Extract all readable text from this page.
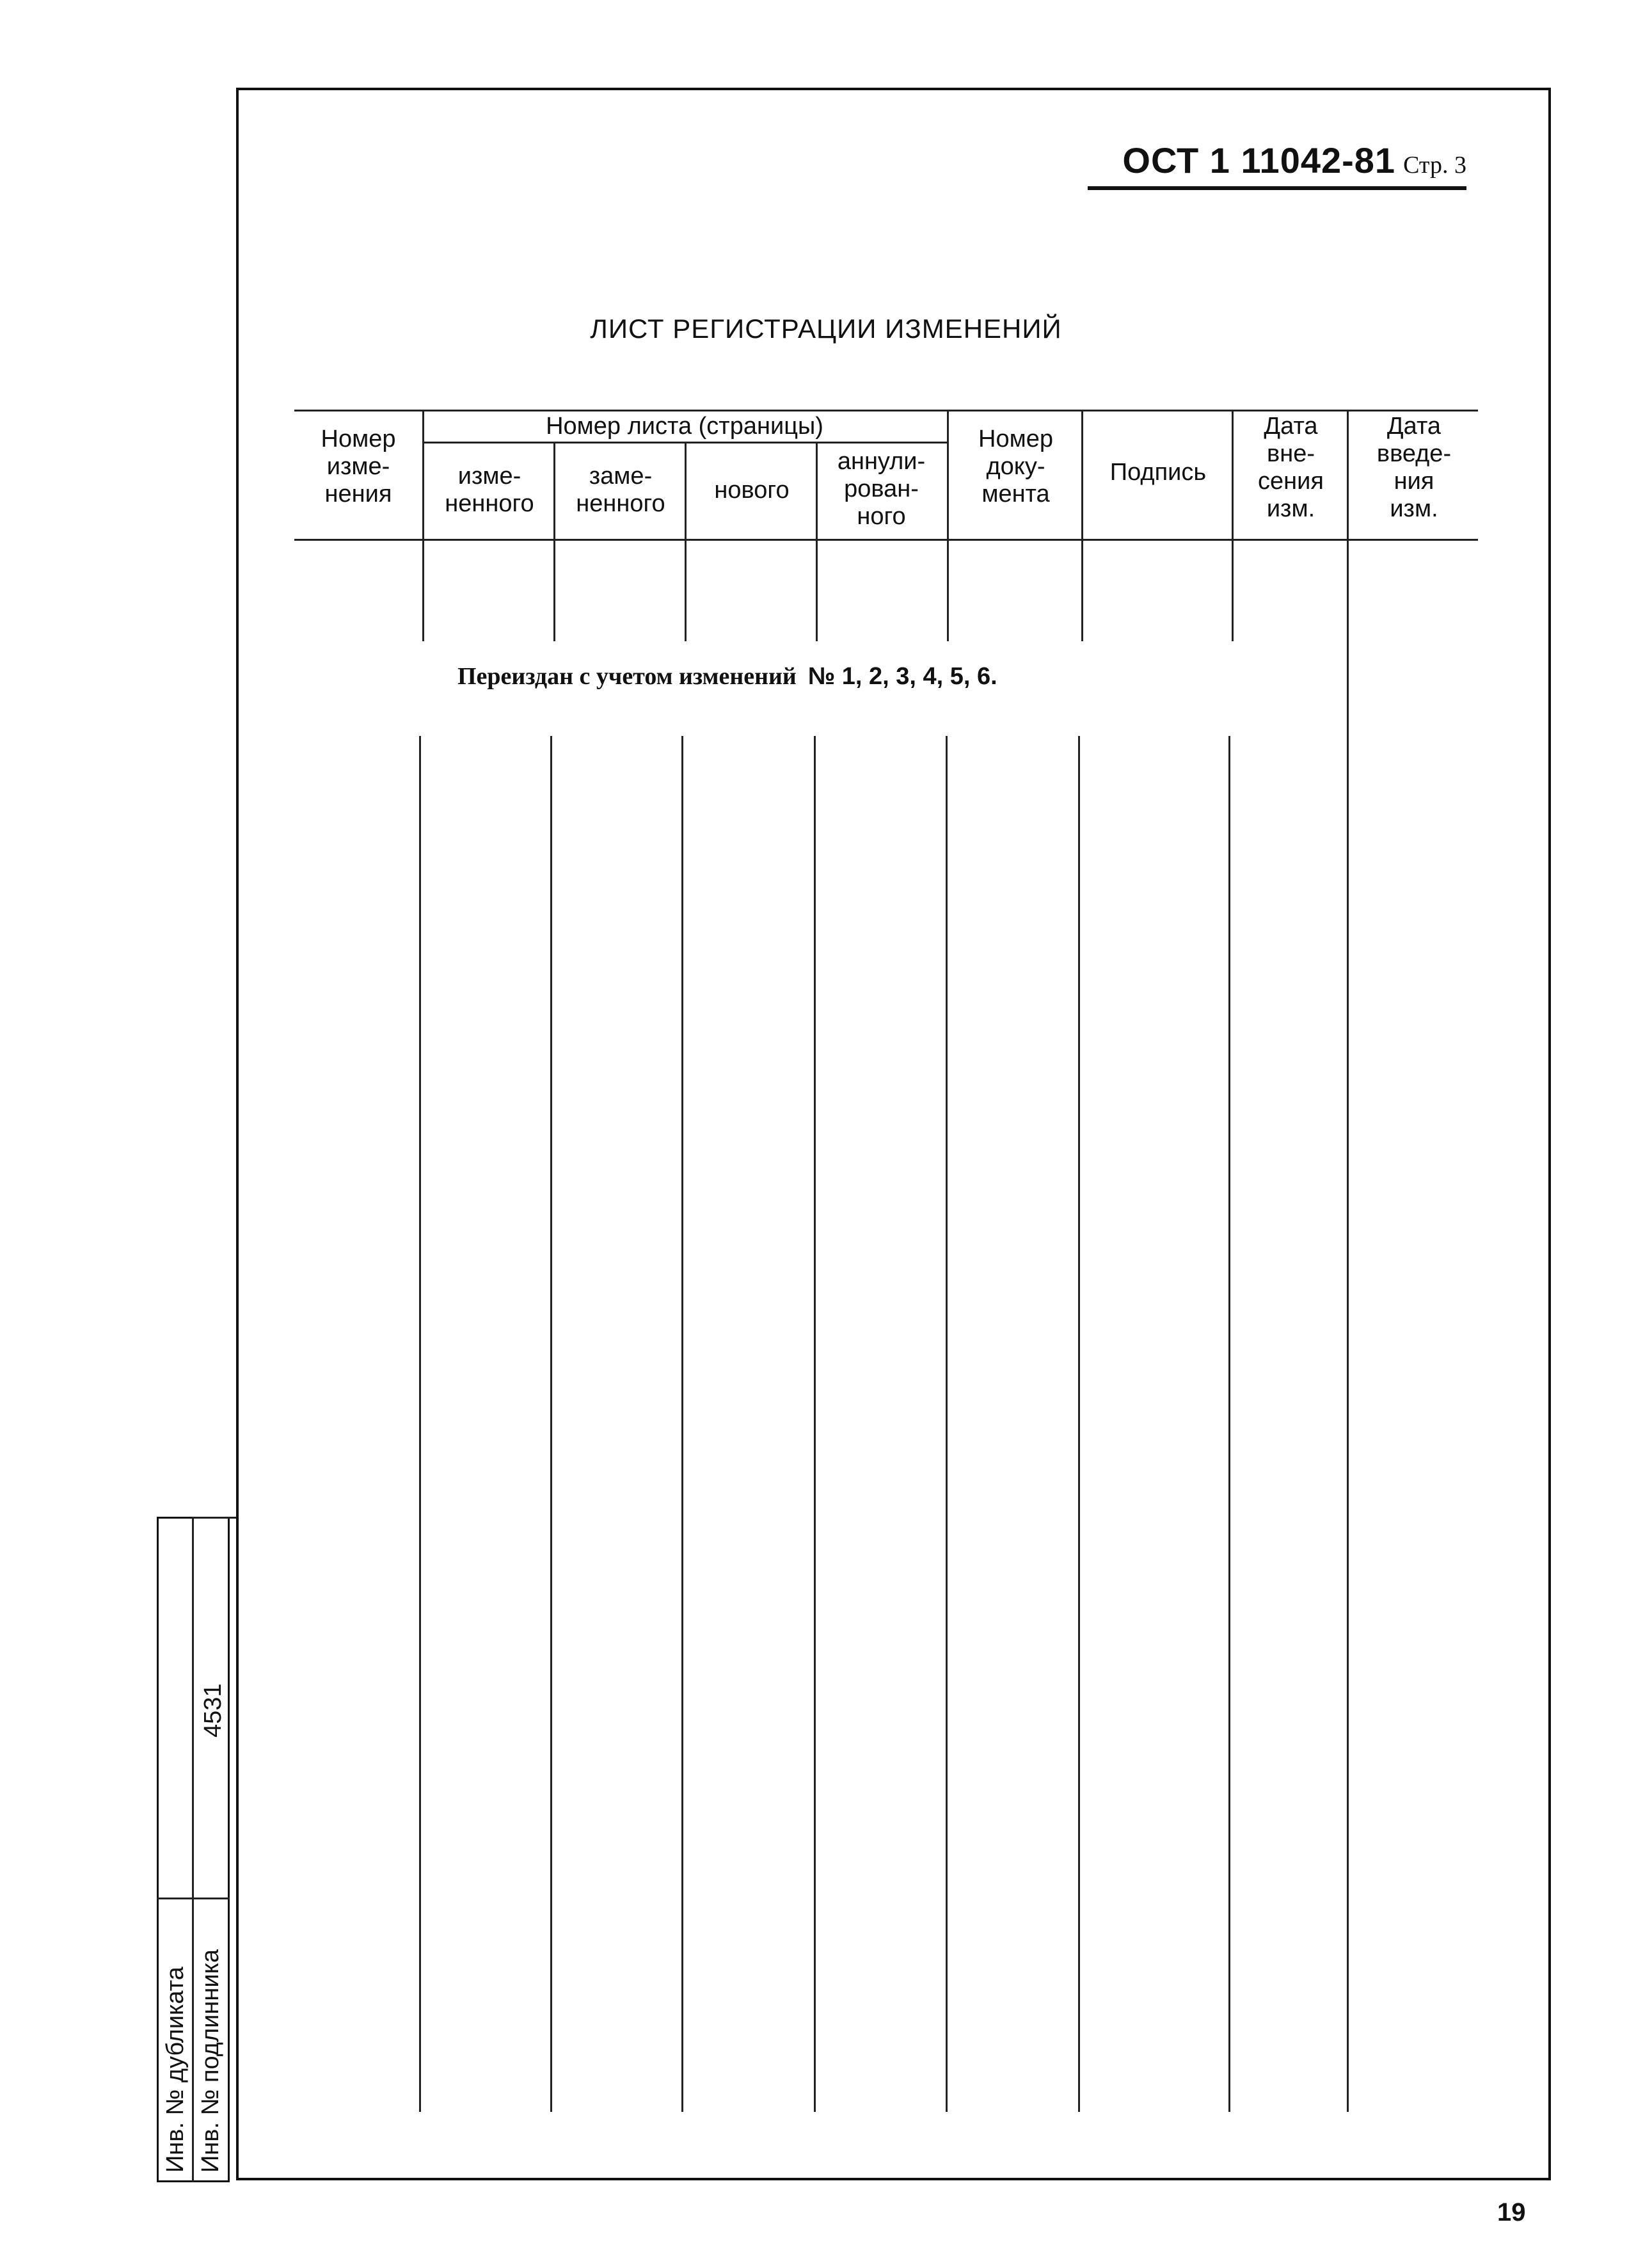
ОСТ 1 11042-81 Стр. 3
ЛИСТ РЕГИСТРАЦИИ ИЗМЕНЕНИЙ
Номер
изме-
нения
Номер листа (страницы)
изме-
ненного
заме-
ненного	нового
аннули-
рован-
ного
Номер
доку-
мента
Подпись
Дата
вне-
сения
изм.
Дата
введе-
ния
изм.
Переиздан с учетом изменений № 1, 2, 3, 4, 5, 6.
Инв. № дубликата Инв. № подлинника
4531
19
